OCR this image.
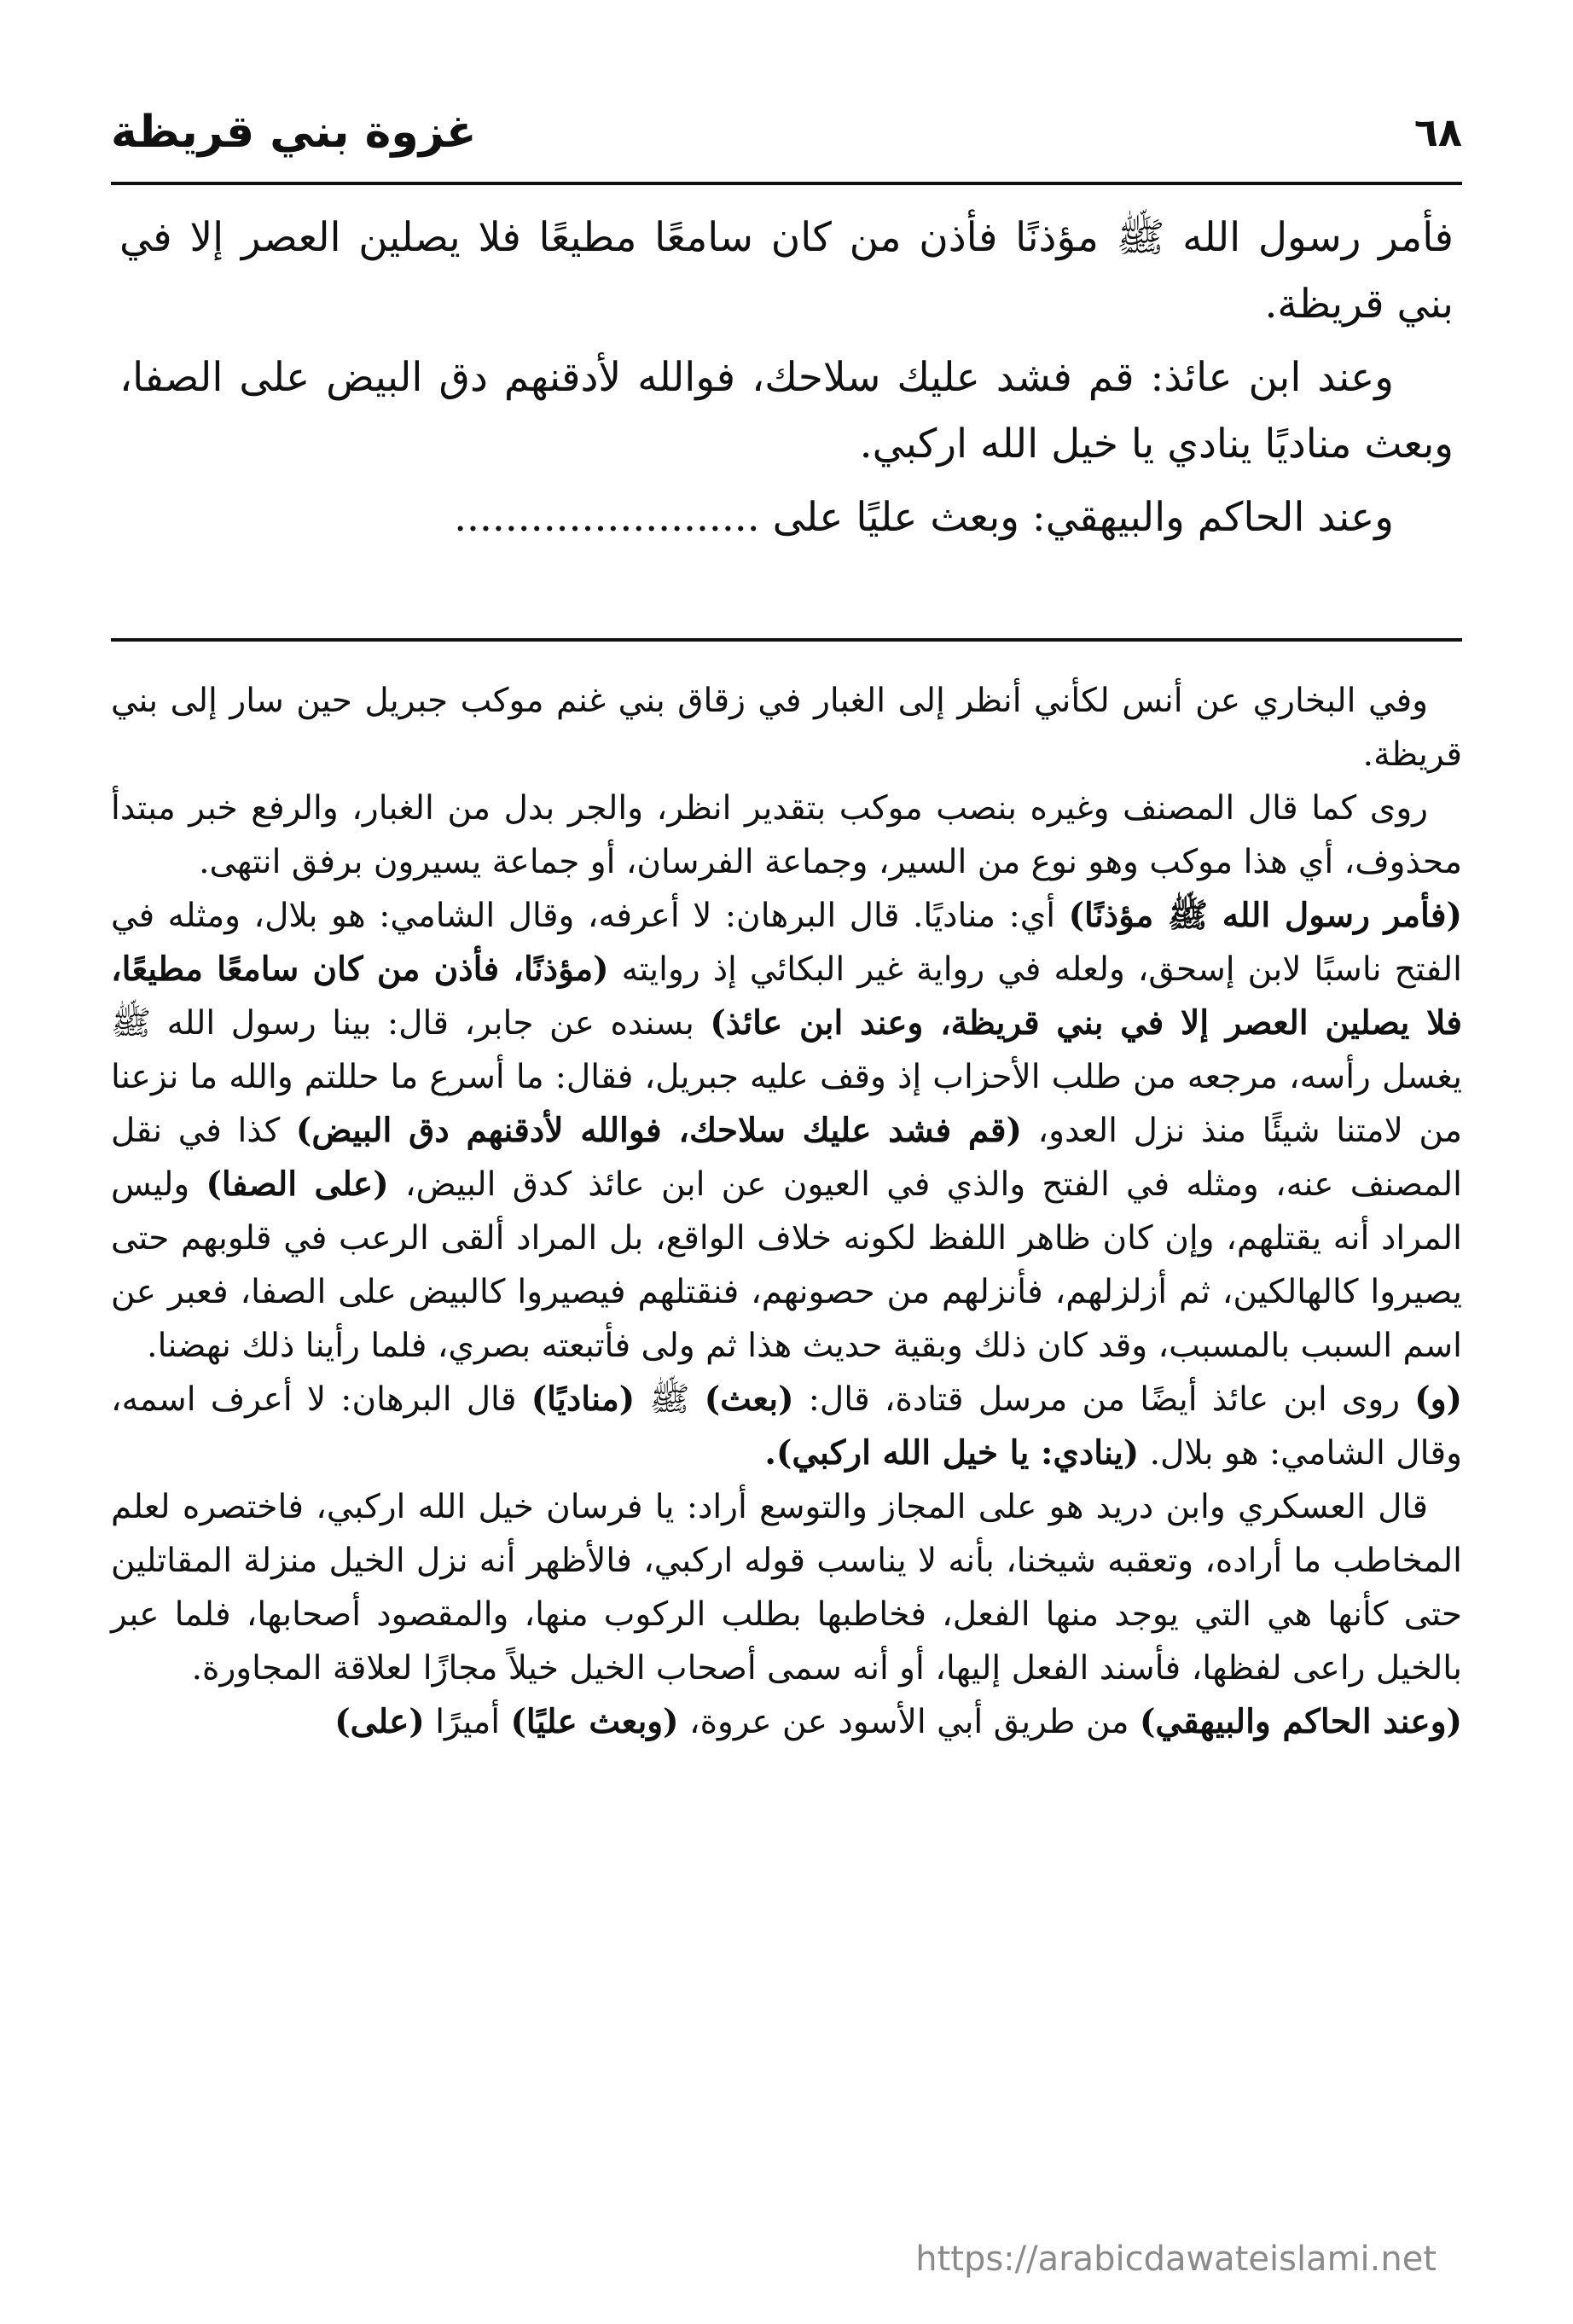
٦٨
غزوة بني قريظة

فأمر رسول الله ﷺ مؤذنًا فأذن من كان سامعًا مطيعًا فلا يصلين العصر إلا في بني قريظة.

وعند ابن عائذ: قم فشد عليك سلاحك، فوالله لأدقنهم دق البيض على الصفا، وبعث مناديًا ينادي يا خيل الله اركبي.

وعند الحاكم والبيهقي: وبعث عليًا على ........................

وفي البخاري عن أنس لكأني أنظر إلى الغبار في زقاق بني غنم موكب جبريل حين سار إلى بني قريظة.

روى كما قال المصنف وغيره بنصب موكب بتقدير انظر، والجر بدل من الغبار، والرفع خبر مبتدأ محذوف، أي هذا موكب وهو نوع من السير، وجماعة الفرسان، أو جماعة يسيرون برفق انتهى.

(فأمر رسول الله ﷺ مؤذنًا) أي: مناديًا. قال البرهان: لا أعرفه، وقال الشامي: هو بلال، ومثله في الفتح ناسبًا لابن إسحق، ولعله في رواية غير البكائي إذ روايته (مؤذنًا، فأذن من كان سامعًا مطيعًا، فلا يصلين العصر إلا في بني قريظة، وعند ابن عائذ) بسنده عن جابر، قال: بينا رسول الله ﷺ يغسل رأسه، مرجعه من طلب الأحزاب إذ وقف عليه جبريل، فقال: ما أسرع ما حللتم والله ما نزعنا من لامتنا شيئًا منذ نزل العدو، (قم فشد عليك سلاحك، فوالله لأدقنهم دق البيض) كذا في نقل المصنف عنه، ومثله في الفتح والذي في العيون عن ابن عائذ كدق البيض، (على الصفا) وليس المراد أنه يقتلهم، وإن كان ظاهر اللفظ لكونه خلاف الواقع، بل المراد ألقى الرعب في قلوبهم حتى يصيروا كالهالكين، ثم أزلزلهم، فأنزلهم من حصونهم، فنقتلهم فيصيروا كالبيض على الصفا، فعبر عن اسم السبب بالمسبب، وقد كان ذلك وبقية حديث هذا ثم ولى فأتبعته بصري، فلما رأينا ذلك نهضنا.

(و) روى ابن عائذ أيضًا من مرسل قتادة، قال: (بعث) ﷺ (مناديًا) قال البرهان: لا أعرف اسمه، وقال الشامي: هو بلال. (ينادي: يا خيل الله اركبي).

قال العسكري وابن دريد هو على المجاز والتوسع أراد: يا فرسان خيل الله اركبي، فاختصره لعلم المخاطب ما أراده، وتعقبه شيخنا، بأنه لا يناسب قوله اركبي، فالأظهر أنه نزل الخيل منزلة المقاتلين حتى كأنها هي التي يوجد منها الفعل، فخاطبها بطلب الركوب منها، والمقصود أصحابها، فلما عبر بالخيل راعى لفظها، فأسند الفعل إليها، أو أنه سمى أصحاب الخيل خيلاً مجازًا لعلاقة المجاورة.

(وعند الحاكم والبيهقي) من طريق أبي الأسود عن عروة، (وبعث عليًا) أميرًا (على)

https://arabicdawateislami.net
